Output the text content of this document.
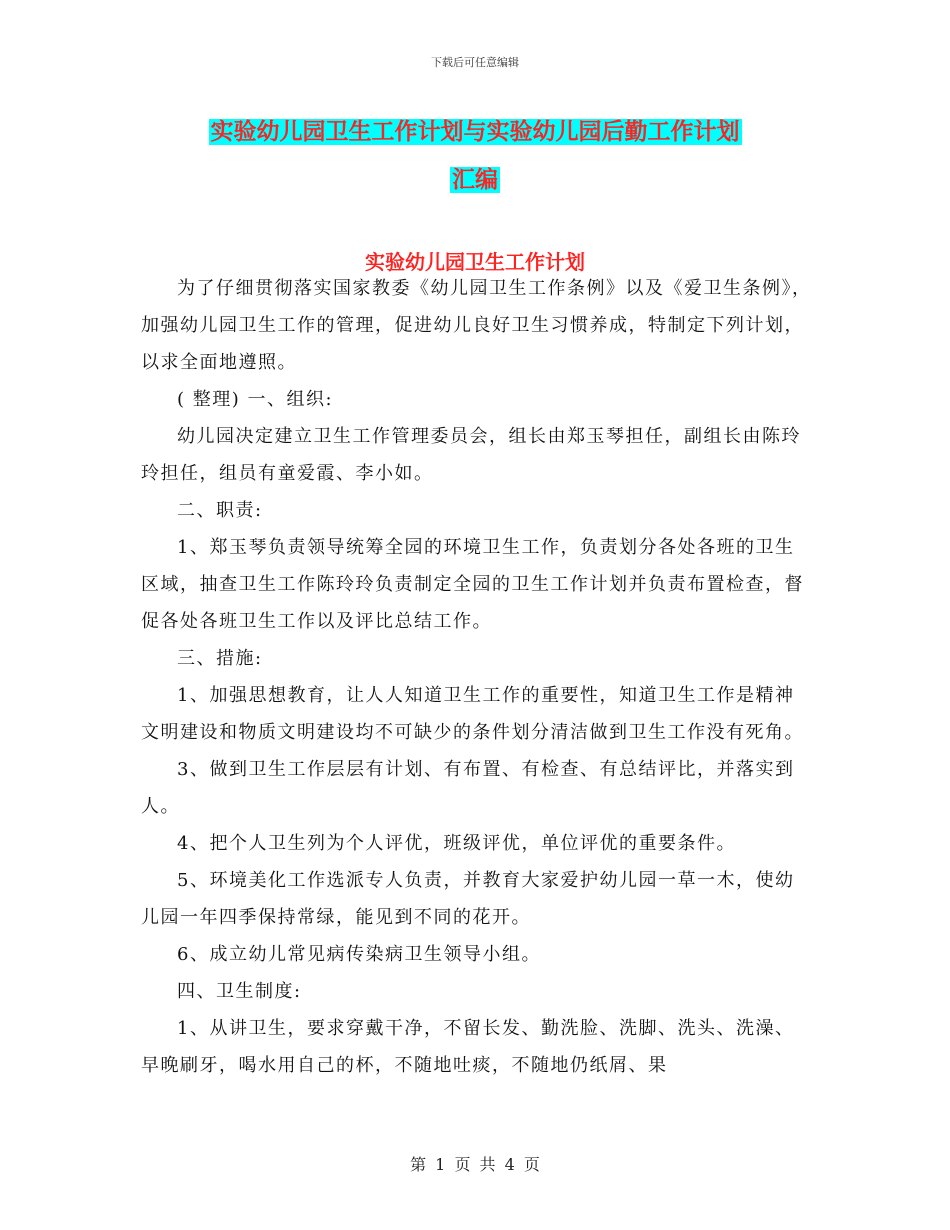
下载后可任意编辑
实验幼儿园卫生工作计划与实验幼儿园后勤工作计划
汇编
实验幼儿园卫生工作计划

为了仔细贯彻落实国家教委《幼儿园卫生工作条例》以及《爱卫生条例》，加强幼儿园卫生工作的管理，促进幼儿良好卫生习惯养成，特制定下列计划，以求全面地遵照。

( 整理) 一、组织:

幼儿园决定建立卫生工作管理委员会，组长由郑玉琴担任，副组长由陈玲玲担任，组员有童爱霞、李小如。

二、职责:

1、郑玉琴负责领导统筹全园的环境卫生工作，负责划分各处各班的卫生区域，抽查卫生工作陈玲玲负责制定全园的卫生工作计划并负责布置检查，督促各处各班卫生工作以及评比总结工作。

三、措施:

1、加强思想教育，让人人知道卫生工作的重要性，知道卫生工作是精神文明建设和物质文明建设均不可缺少的条件划分清洁做到卫生工作没有死角。

3、做到卫生工作层层有计划、有布置、有检查、有总结评比，并落实到人。

4、把个人卫生列为个人评优，班级评优，单位评优的重要条件。

5、环境美化工作选派专人负责，并教育大家爱护幼儿园一草一木，使幼儿园一年四季保持常绿，能见到不同的花开。

6、成立幼儿常见病传染病卫生领导小组。

四、卫生制度:

1、从讲卫生，要求穿戴干净，不留长发、勤洗脸、洗脚、洗头、洗澡、早晚刷牙，喝水用自己的杯，不随地吐痰，不随地仍纸屑、果

第 1 页 共 4 页
